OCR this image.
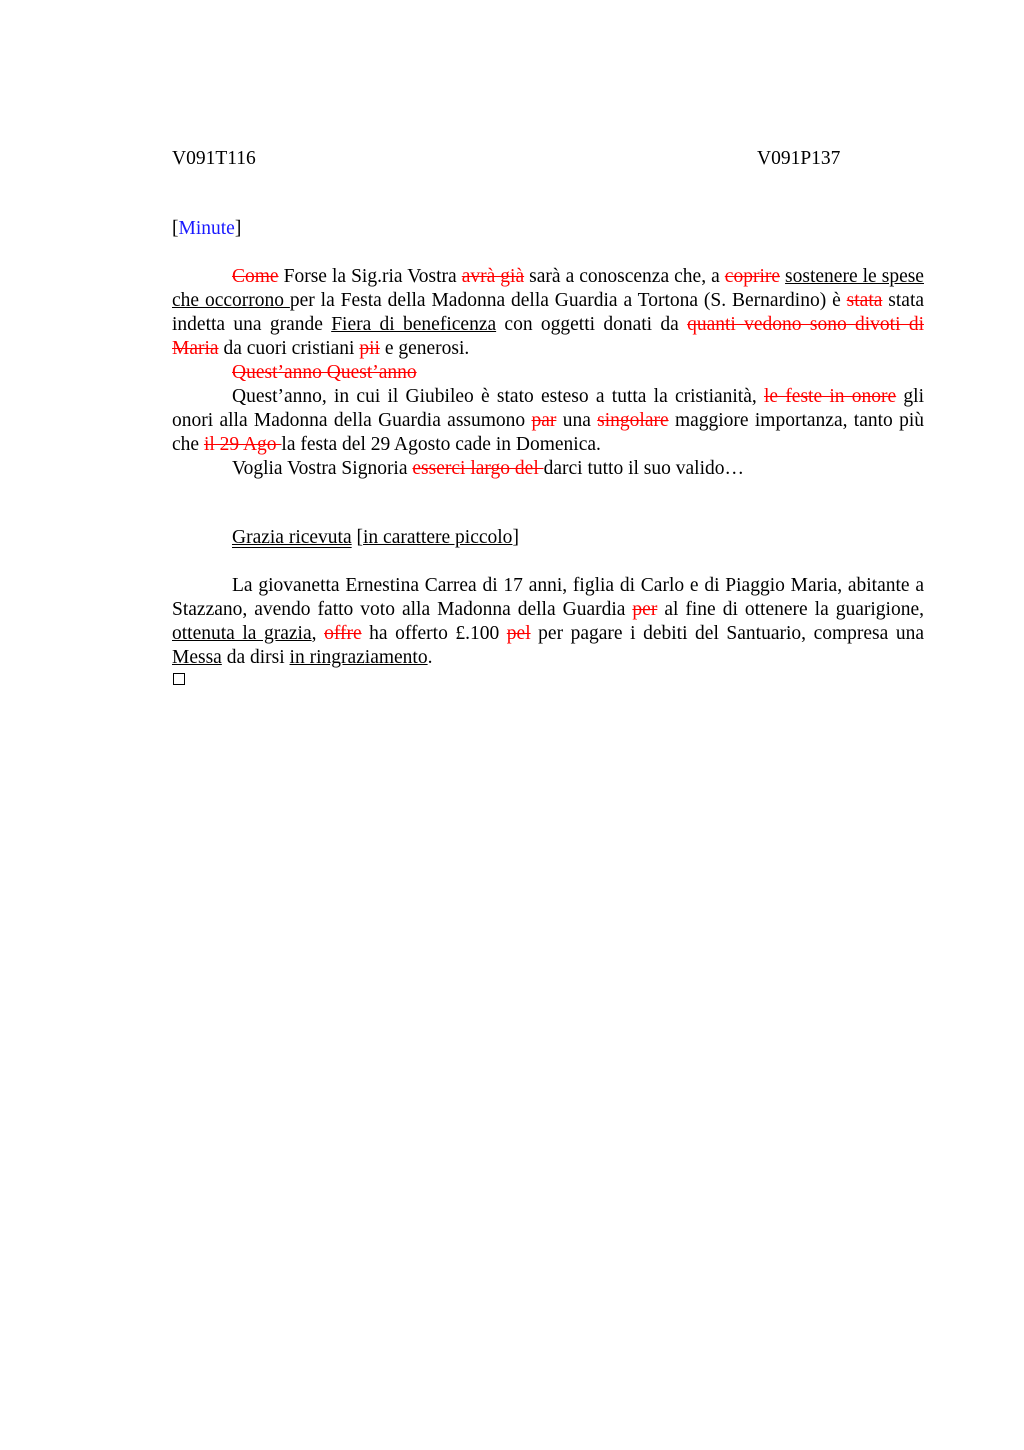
V091T116	V091P137
[Minute]

Come Forse la Sig.ria Vostra avrà già sarà a conoscenza che, a coprire sostenere le spese che occorrono per la Festa della Madonna della Guardia a Tortona (S. Bernardino) è stata stata indetta una grande Fiera di beneficenza con oggetti donati da quanti vedono sono divoti di Maria da cuori cristiani pii e generosi.

Quest’anno Quest’anno

Quest’anno, in cui il Giubileo è stato esteso a tutta la cristianità, le feste in onore gli onori alla Madonna della Guardia assumono par una singolare maggiore importanza, tanto più che il 29 Ago la festa del 29 Agosto cade in Domenica.

Voglia Vostra Signoria esserci largo del darci tutto il suo valido…

Grazia ricevuta [in carattere piccolo]

La giovanetta Ernestina Carrea di 17 anni, figlia di Carlo e di Piaggio Maria, abitante a Stazzano, avendo fatto voto alla Madonna della Guardia per al fine di ottenere la guarigione, ottenuta la grazia, offre ha offerto £.100 pel per pagare i debiti del Santuario, compresa una Messa da dirsi in ringraziamento.
